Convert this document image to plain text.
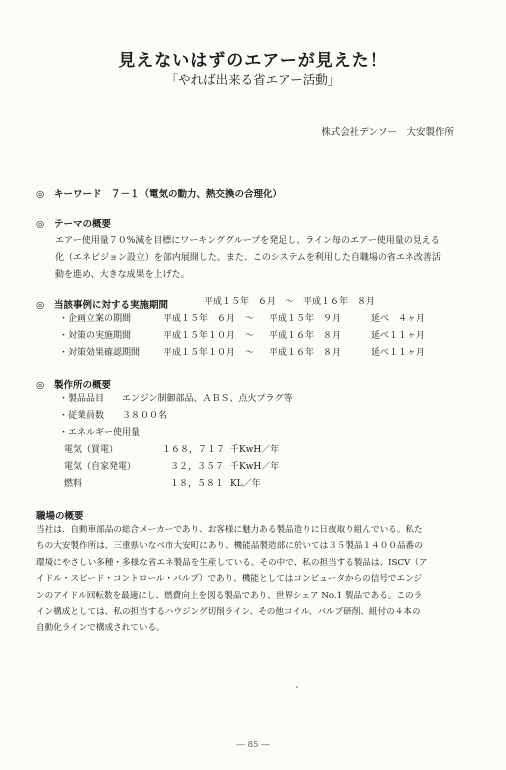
見えないはずのエアーが見えた！
「やれば出来る省エアー活動」
株式会社デンソー　大安製作所
◎ キーワード　７－１（電気の動力、熱交換の合理化）
◎ テーマの概要
エアー使用量７０%減を目標にワーキンググループを発足し、ライン毎のエアー使用量の見える
化（エネビジョン設立）を部内展開した。また、このシステムを利用した自職場の省エネ改善活
動を進め、大きな成果を上げた。
◎ 当該事例に対する実施期間	平成１５年　６月　～　平成１６年　８月
・企画立案の期間	平成１５年　６月 ～ 平成１５年　９月	延べ　４ヶ月
・対策の実施期間	平成１５年１０月 ～ 平成１６年　８月	延べ１１ヶ月
・対策効果確認期間	平成１５年１０月 ～ 平成１６年　８月	延べ１１ヶ月
◎ 製作所の概要
・製品品目　　エンジン制御部品、ＡＢＳ、点火プラグ等
・従業員数　　３８００名
・エネルギー使用量
電気（買電）	１６８，７１７ 千KwH／年
電気（自家発電）	３２，３５７ 千KwH／年
燃料	１８，５８１ KL／年
職場の概要
当社は、自動車部品の総合メーカーであり、お客様に魅力ある製品造りに日夜取り組んでいる。私た
ちの大安製作所は、三重県いなべ市大安町にあり、機能品製造部に於いては３５製品１４００品番の
環境にやさしい多種・多様な省エネ製品を生産している。その中で、私の担当する製品は、ISCV（ア
イドル・スピード・コントロール・バルブ）であり、機能としてはコンピュータからの信号でエンジ
ンのアイドル回転数を最適にし、燃費向上を図る製品であり、世界シェア No.1 製品である。このラ
イン構成としては、私の担当するハウジング切削ライン、その他コイル、バルブ研削、組付の４本の
自動化ラインで構成されている。
― 85 ―
